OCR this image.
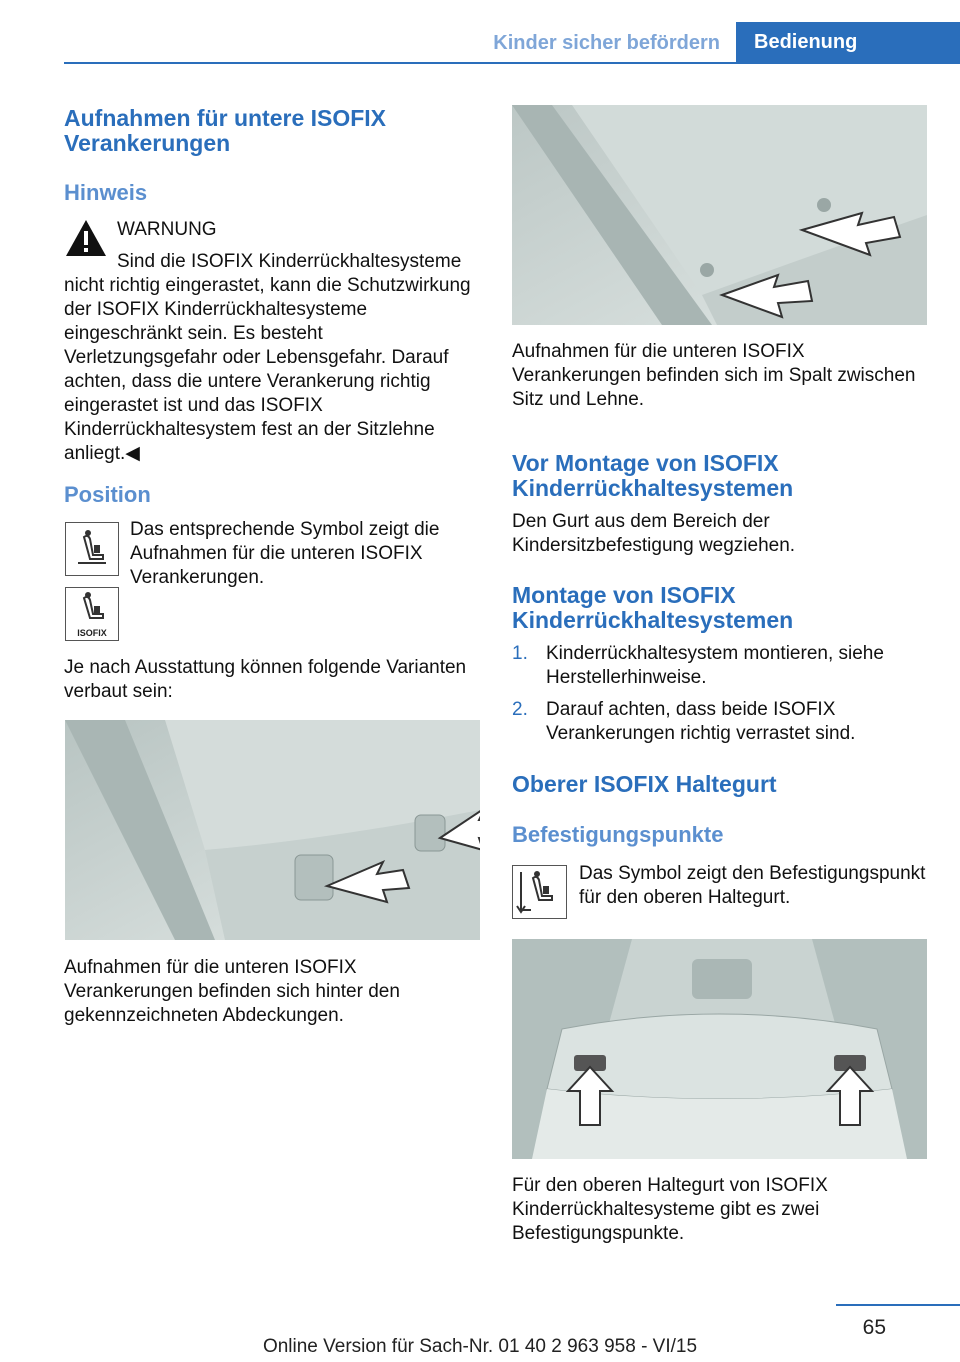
Kinder sicher befördern	Bedienung
Aufnahmen für untere ISOFIX Verankerungen
Hinweis
WARNUNG
Sind die ISOFIX Kinderrückhaltesysteme nicht richtig eingerastet, kann die Schutzwirkung der ISOFIX Kinderrückhaltesysteme eingeschränkt sein. Es besteht Verletzungsgefahr oder Lebensgefahr. Darauf achten, dass die untere Verankerung richtig eingerastet ist und das ISOFIX Kinderrückhaltesystem fest an der Sitzlehne anliegt.◀
Position
ISOFIX
Das entsprechende Symbol zeigt die Aufnahmen für die unteren ISOFIX Verankerungen.
Je nach Ausstattung können folgende Varianten verbaut sein:
Aufnahmen für die unteren ISOFIX Verankerungen befinden sich hinter den gekennzeichneten Abdeckungen.
Aufnahmen für die unteren ISOFIX Verankerungen befinden sich im Spalt zwischen Sitz und Lehne.
Vor Montage von ISOFIX Kinderrückhaltesystemen
Den Gurt aus dem Bereich der Kindersitzbefestigung wegziehen.
Montage von ISOFIX Kinderrückhaltesystemen
1. Kinderrückhaltesystem montieren, siehe Herstellerhinweise.
2. Darauf achten, dass beide ISOFIX Verankerungen richtig verrastet sind.
Oberer ISOFIX Haltegurt
Befestigungspunkte
Das Symbol zeigt den Befestigungspunkt für den oberen Haltegurt.
Für den oberen Haltegurt von ISOFIX Kinderrückhaltesysteme gibt es zwei Befestigungspunkte.
65
Online Version für Sach-Nr. 01 40 2 963 958 - VI/15
